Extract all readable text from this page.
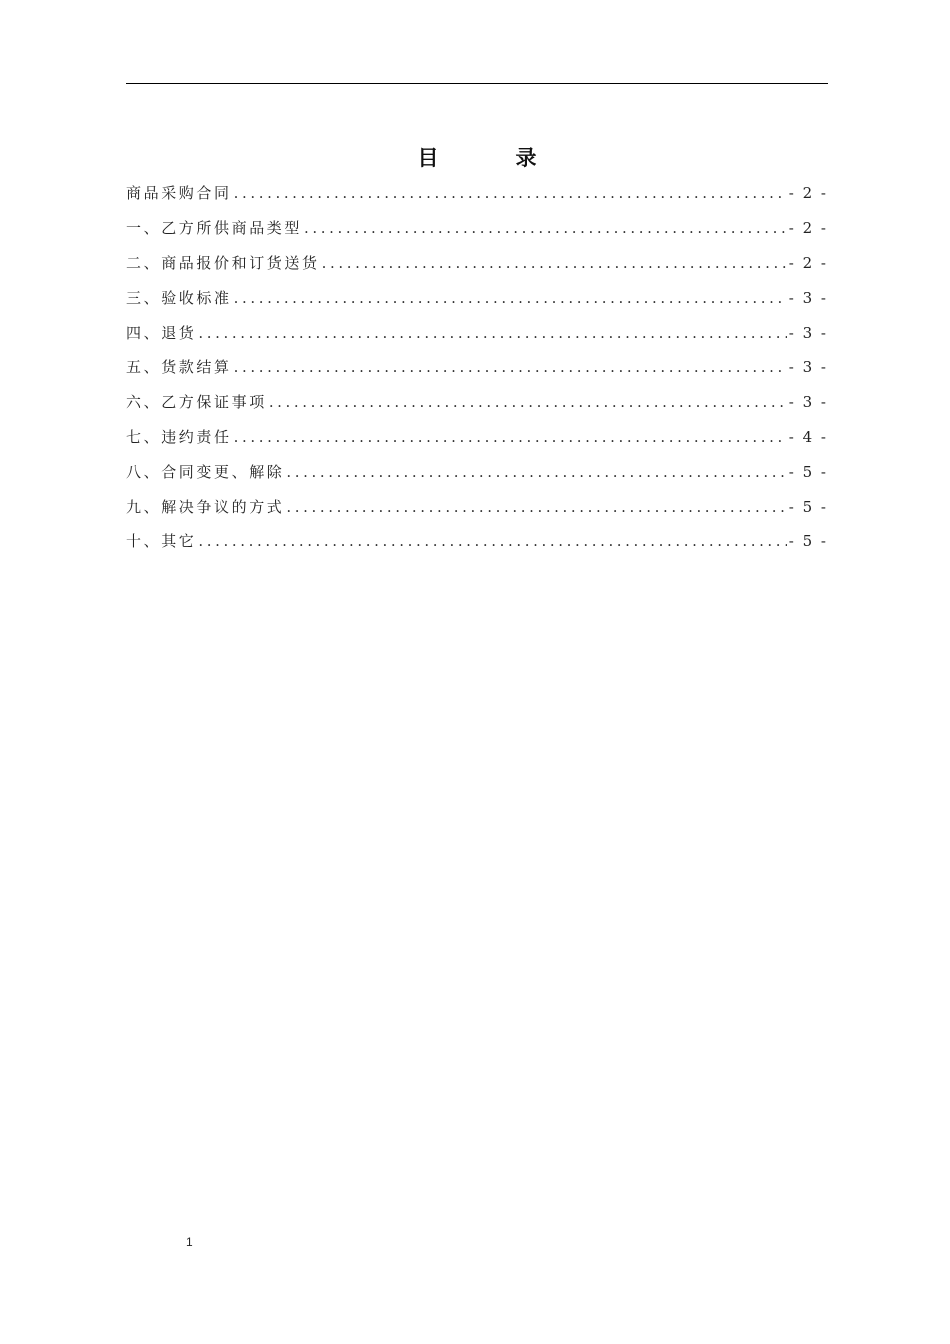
目　录
商品采购合同 .....	- 2 -
一、乙方所供商品类型 .....	- 2 -
二、商品报价和订货送货 .....	- 2 -
三、验收标准 .....	- 3 -
四、退货 .....	- 3 -
五、货款结算 .....	- 3 -
六、乙方保证事项 .....	- 3 -
七、违约责任 .....	- 4 -
八、合同变更、解除 .....	- 5 -
九、解决争议的方式 .....	- 5 -
十、其它 .....	- 5 -
1
